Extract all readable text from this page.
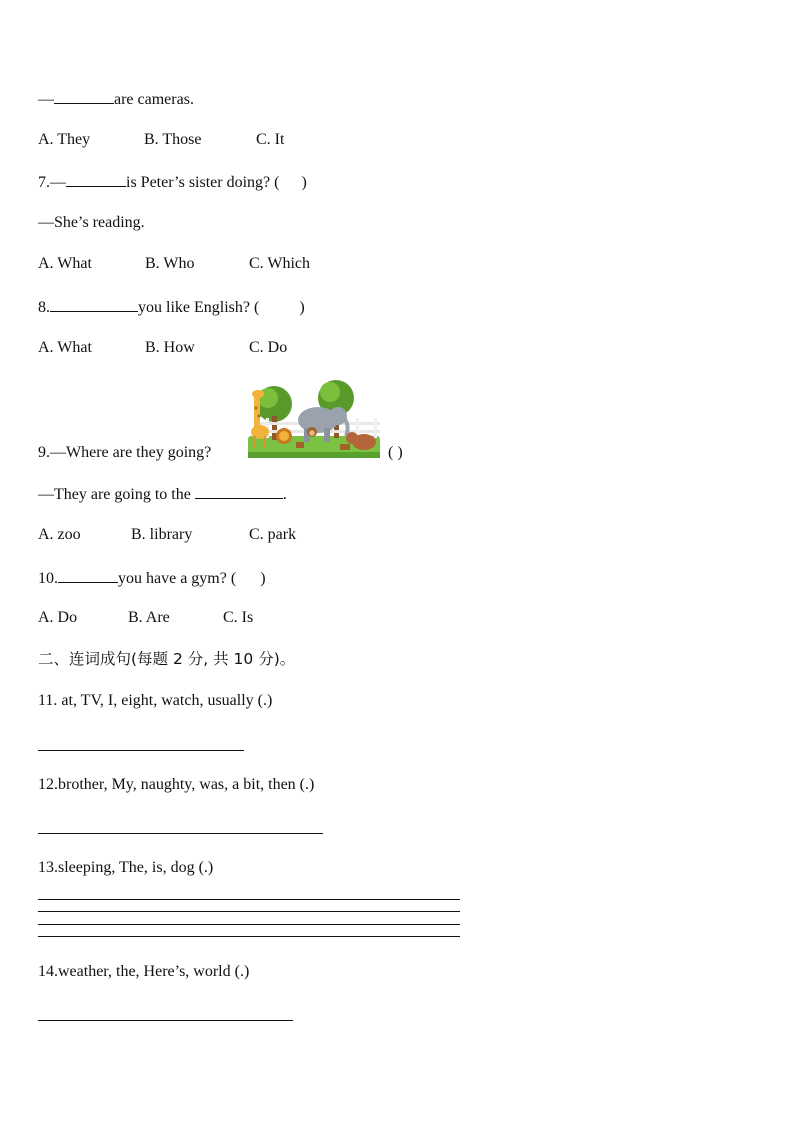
—	are cameras.
A. They	B. Those	C. It
7.—	is Peter’s sister doing? ( )
—She’s reading.
A. What	B. Who	C. Which
8.	you like English? (	)
A. What	B. How	C. Do
9.—Where are they going?	( )
—They are going to the	.
A. zoo	B. library	C. park
10.	you have a gym? ( )
A. Do	B. Are	C. Is
二、连词成句(每题 2 分, 共 10 分)。
11. at, TV, I, eight, watch, usually (.)
12.brother, My, naughty, was, a bit, then (.)
13.sleeping, The, is, dog (.)
14.weather, the, Here’s, world (.)
